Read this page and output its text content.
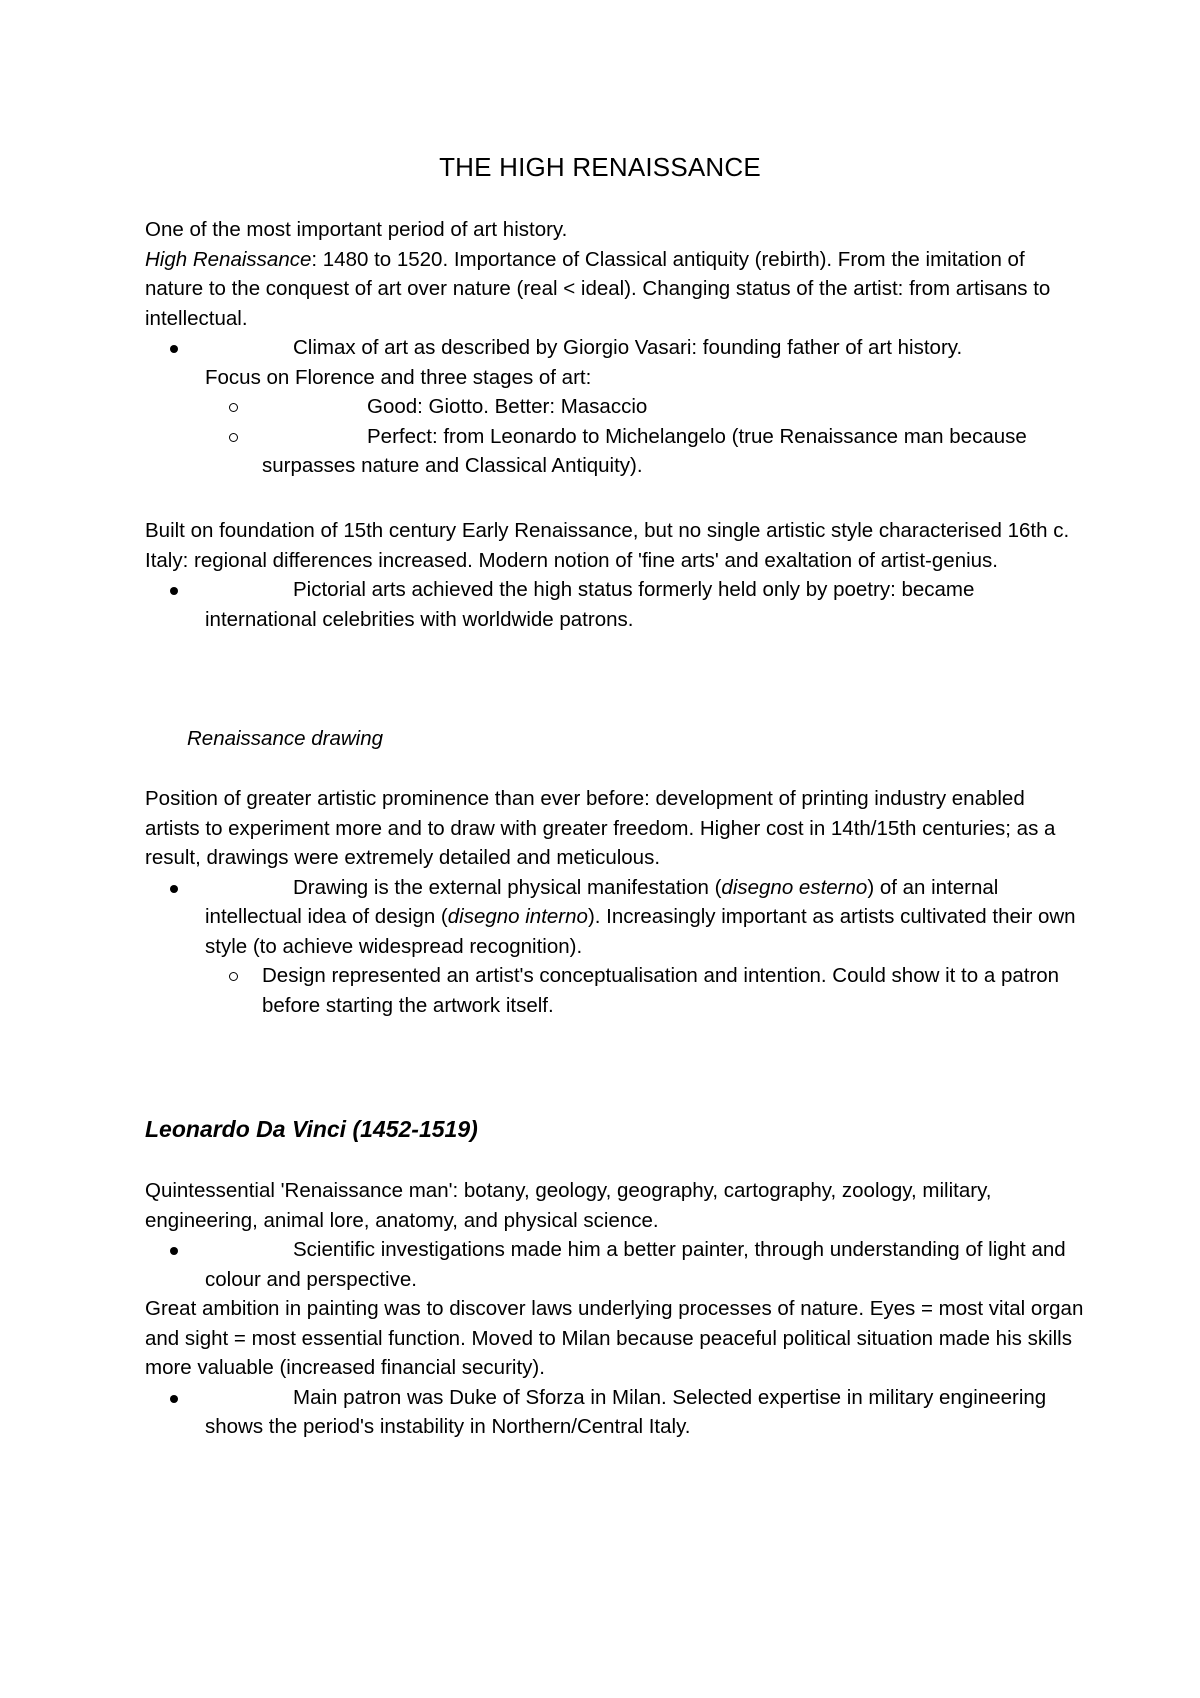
THE HIGH RENAISSANCE

One of the most important period of art history.

High Renaissance: 1480 to 1520. Importance of Classical antiquity (rebirth). From the imitation of nature to the conquest of art over nature (real < ideal). Changing status of the artist: from artisans to intellectual.

Climax of art as described by Giorgio Vasari: founding father of art history.

Focus on Florence and three stages of art:

Good: Giotto. Better: Masaccio

Perfect: from Leonardo to Michelangelo (true Renaissance man because surpasses nature and Classical Antiquity).

Built on foundation of 15th century Early Renaissance, but no single artistic style characterised 16th c. Italy: regional differences increased. Modern notion of 'fine arts' and exaltation of artist-genius.

Pictorial arts achieved the high status formerly held only by poetry: became international celebrities with worldwide patrons.

Renaissance drawing

Position of greater artistic prominence than ever before: development of printing industry enabled artists to experiment more and to draw with greater freedom. Higher cost in 14th/15th centuries; as a result, drawings were extremely detailed and meticulous.

Drawing is the external physical manifestation (disegno esterno) of an internal intellectual idea of design (disegno interno). Increasingly important as artists cultivated their own style (to achieve widespread recognition).

Design represented an artist's conceptualisation and intention. Could show it to a patron before starting the artwork itself.

Leonardo Da Vinci (1452-1519)

Quintessential 'Renaissance man': botany, geology, geography, cartography, zoology, military, engineering, animal lore, anatomy, and physical science.

Scientific investigations made him a better painter, through understanding of light and colour and perspective.

Great ambition in painting was to discover laws underlying processes of nature. Eyes = most vital organ and sight = most essential function. Moved to Milan because peaceful political situation made his skills more valuable (increased financial security).

Main patron was Duke of Sforza in Milan. Selected expertise in military engineering shows the period's instability in Northern/Central Italy.
